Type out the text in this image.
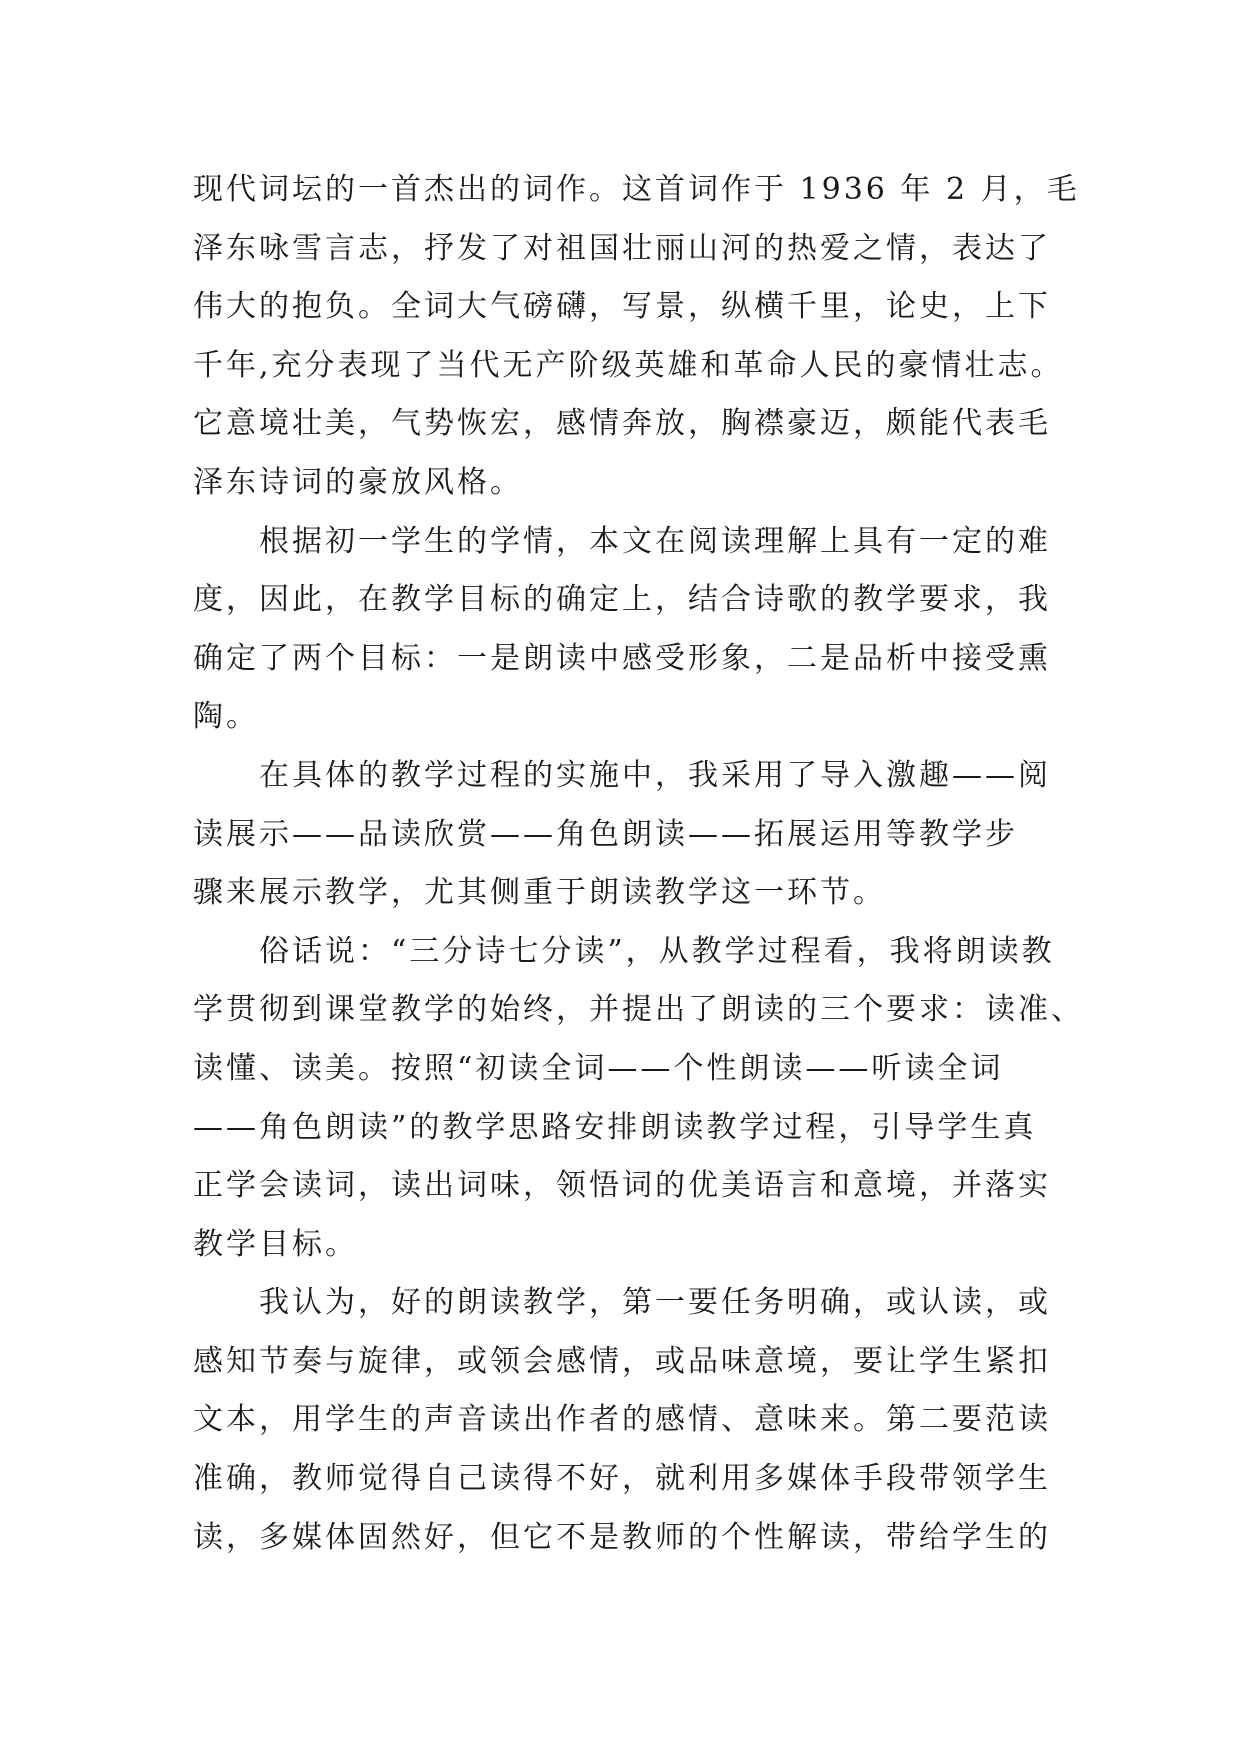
现代词坛的一首杰出的词作。这首词作于 1936 年 2 月，毛
泽东咏雪言志，抒发了对祖国壮丽山河的热爱之情，表达了
伟大的抱负。全词大气磅礴，写景，纵横千里，论史，上下
千年,充分表现了当代无产阶级英雄和革命人民的豪情壮志。
它意境壮美，气势恢宏，感情奔放，胸襟豪迈，颇能代表毛
泽东诗词的豪放风格。
根据初一学生的学情，本文在阅读理解上具有一定的难
度，因此，在教学目标的确定上，结合诗歌的教学要求，我
确定了两个目标：一是朗读中感受形象，二是品析中接受熏
陶。
在具体的教学过程的实施中，我采用了导入激趣——阅
读展示——品读欣赏——角色朗读——拓展运用等教学步
骤来展示教学，尤其侧重于朗读教学这一环节。
俗话说：“三分诗七分读”，从教学过程看，我将朗读教
学贯彻到课堂教学的始终，并提出了朗读的三个要求：读准、
读懂、读美。按照“初读全词——个性朗读——听读全词
——角色朗读”的教学思路安排朗读教学过程，引导学生真
正学会读词，读出词味，领悟词的优美语言和意境，并落实
教学目标。
我认为，好的朗读教学，第一要任务明确，或认读，或
感知节奏与旋律，或领会感情，或品味意境，要让学生紧扣
文本，用学生的声音读出作者的感情、意味来。第二要范读
准确，教师觉得自己读得不好，就利用多媒体手段带领学生
读，多媒体固然好，但它不是教师的个性解读，带给学生的
